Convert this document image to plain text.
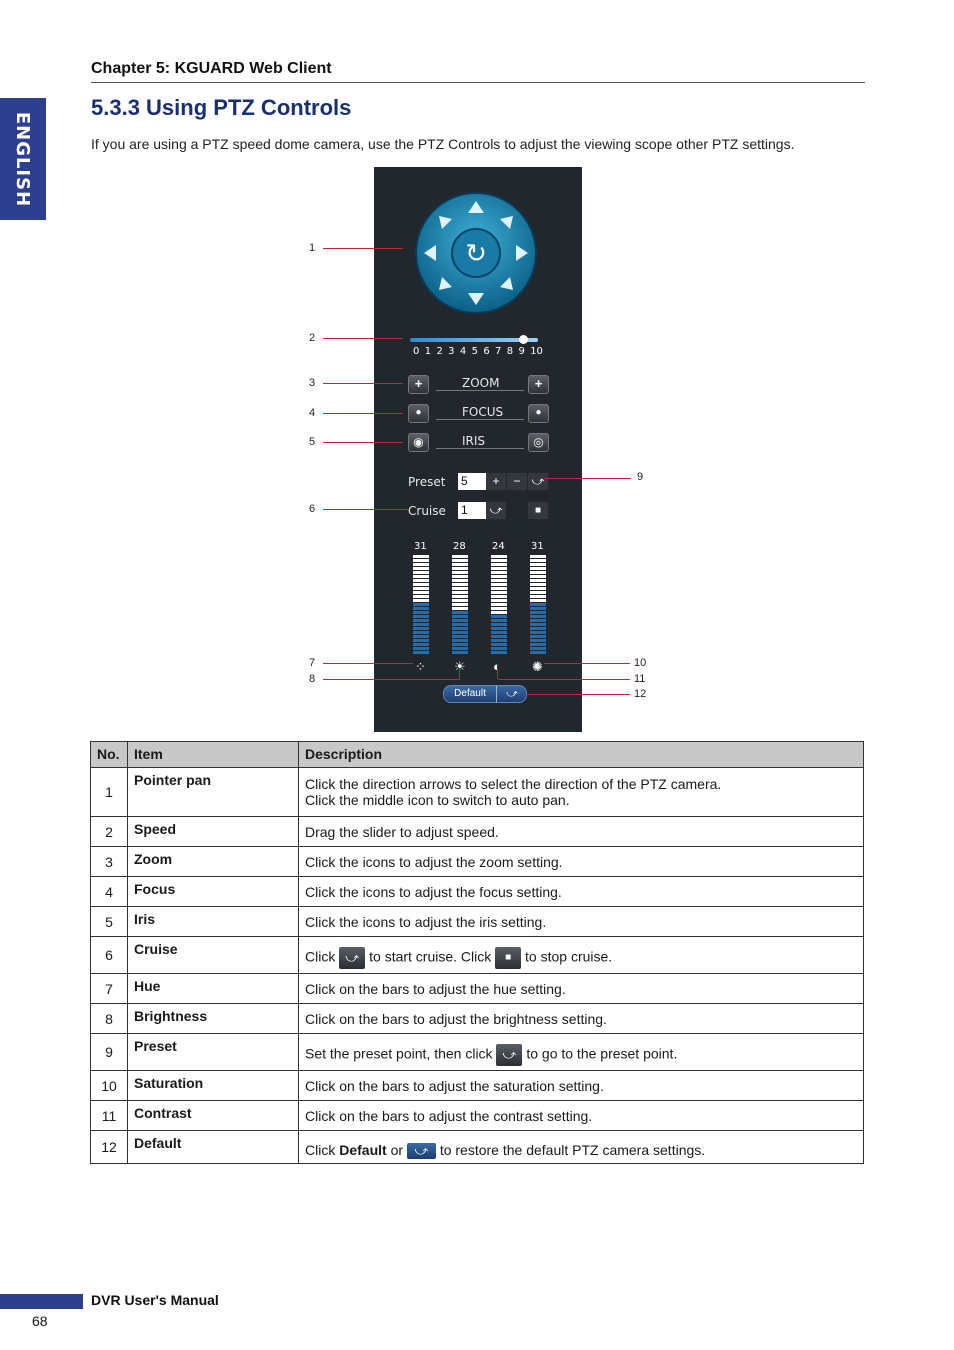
ENGLISH
Chapter 5: KGUARD Web Client
5.3.3 Using PTZ Controls
If you are using a PTZ speed dome camera, use the PTZ Controls to adjust the viewing scope other PTZ settings.
↻
0 1 2 3 4 5 6 7 8 9 10
+	ZOOM	+
●	FOCUS	●
◉	IRIS	◎
Preset 5	+	− ⤻
Cruise 1	⤻	■
31	28	24	31
⁘ ☀ ◐ ✺
Default	⤻
1
2
3
4
5
6
7
8
9
10
11
12
No.	Item	Description
1	Pointer pan	Click the direction arrows to select the direction of the PTZ camera.
Click the middle icon to switch to auto pan.
2	Speed	Drag the slider to adjust speed.
3	Zoom	Click the icons to adjust the zoom setting.
4	Focus	Click the icons to adjust the focus setting.
5	Iris	Click the icons to adjust the iris setting.
6	Cruise	Click ⤻ to start cruise. Click ■ to stop cruise.
7	Hue	Click on the bars to adjust the hue setting.
8	Brightness	Click on the bars to adjust the brightness setting.
9	Preset	Set the preset point, then click ⤻ to go to the preset point.
10	Saturation	Click on the bars to adjust the saturation setting.
11	Contrast	Click on the bars to adjust the contrast setting.
12	Default	Click Default or ⤻ to restore the default PTZ camera settings.
DVR User's Manual
68
